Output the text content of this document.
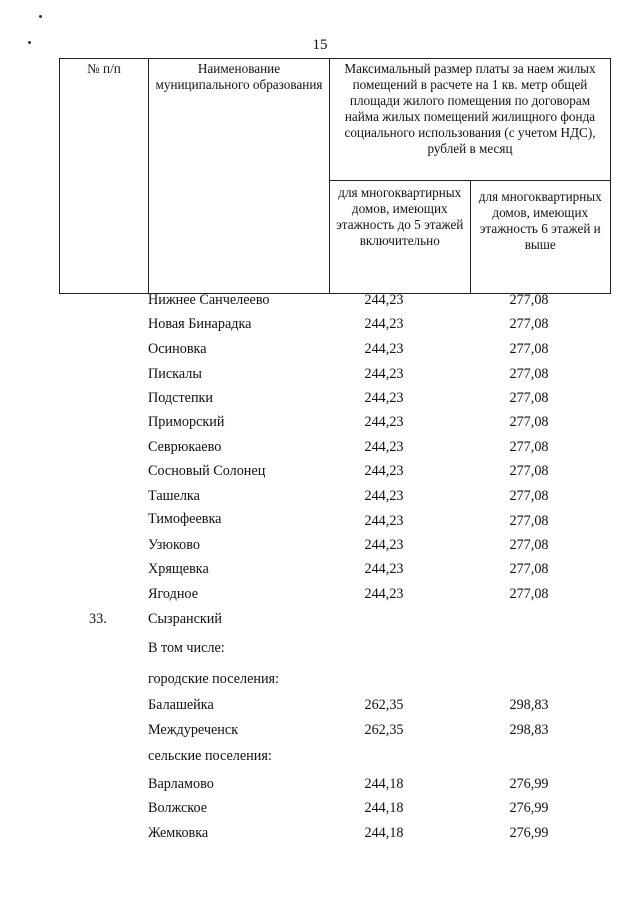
15
№ п/п	Наименование муниципального образования	Максимальный размер платы за наем жилых помещений в расчете на 1 кв. метр общей площади жилого помещения по договорам найма жилых помещений жилищного фонда социального использования (с учетом НДС), рублей в месяц	
		для многоквартирных домов, имеющих этажность до 5 этажей включительно	для многоквартирных домов, имеющих этажность 6 этажей и выше
Нижнее Санчелеево	244,23	277,08
Новая Бинарадка	244,23	277,08
Осиновка	244,23	277,08
Пискалы	244,23	277,08
Подстепки	244,23	277,08
Приморский	244,23	277,08
Севрюкаево	244,23	277,08
Сосновый Солонец	244,23	277,08
Ташелка	244,23	277,08
Тимофеевка	244,23	277,08
Узюково	244,23	277,08
Хрящевка	244,23	277,08
Ягодное	244,23	277,08
33.	Сызранский
В том числе:
городские поселения:
Балашейка	262,35	298,83
Междуреченск	262,35	298,83
сельские поселения:
Варламово	244,18	276,99
Волжское	244,18	276,99
Жемковка	244,18	276,99
